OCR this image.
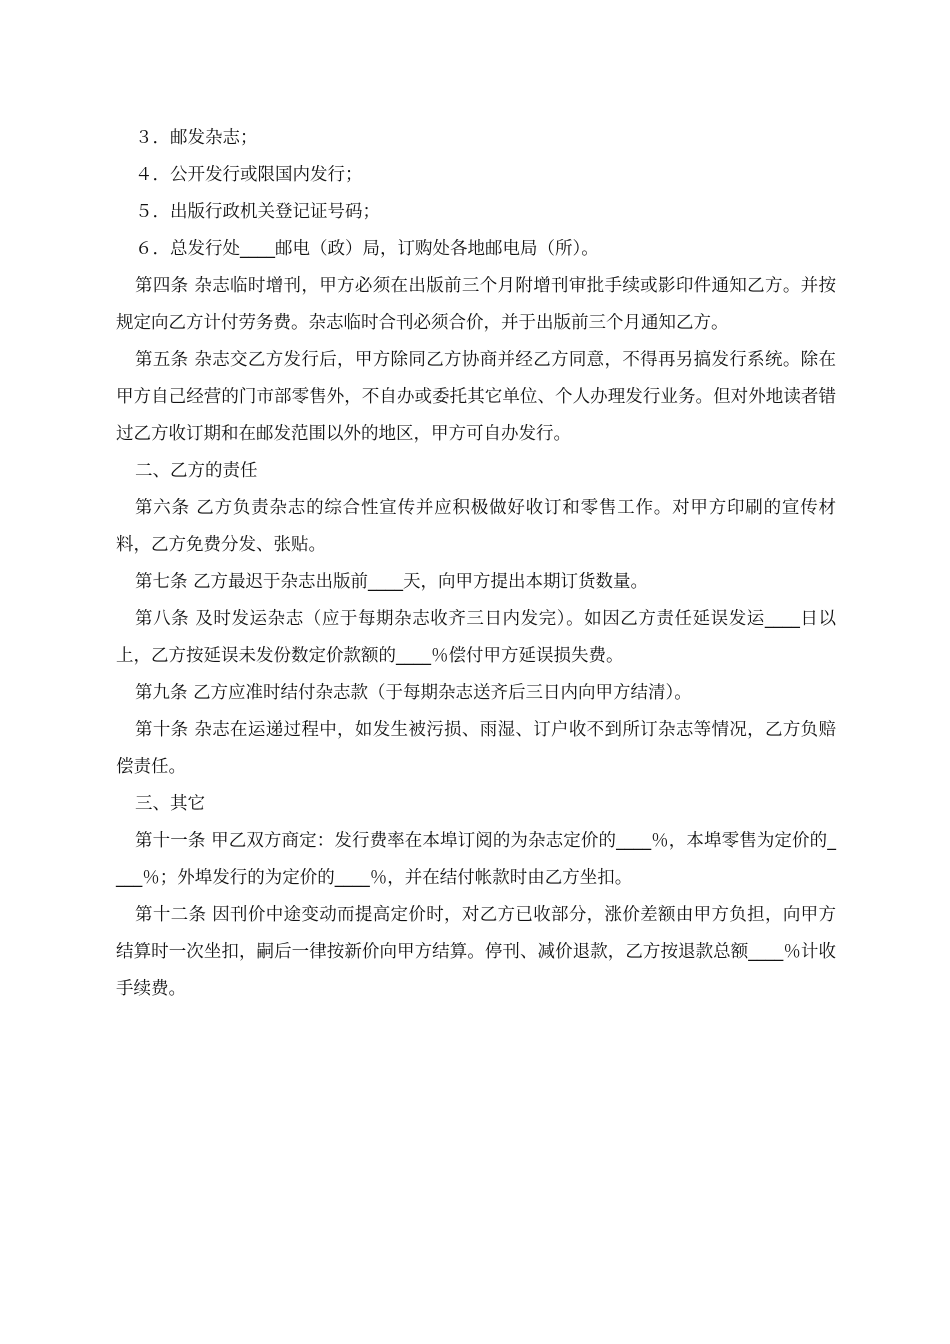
３．邮发杂志；

４．公开发行或限国内发行；

５．出版行政机关登记证号码；

６．总发行处____邮电（政）局，订购处各地邮电局（所）。

第四条 杂志临时增刊，甲方必须在出版前三个月附增刊审批手续或影印件通知乙方。并按规定向乙方计付劳务费。杂志临时合刊必须合价，并于出版前三个月通知乙方。

第五条 杂志交乙方发行后，甲方除同乙方协商并经乙方同意，不得再另搞发行系统。除在甲方自己经营的门市部零售外，不自办或委托其它单位、个人办理发行业务。但对外地读者错过乙方收订期和在邮发范围以外的地区，甲方可自办发行。

二、乙方的责任

第六条 乙方负责杂志的综合性宣传并应积极做好收订和零售工作。对甲方印刷的宣传材料，乙方免费分发、张贴。

第七条 乙方最迟于杂志出版前____天，向甲方提出本期订货数量。

第八条 及时发运杂志（应于每期杂志收齐三日内发完）。如因乙方责任延误发运____日以上，乙方按延误未发份数定价款额的____％偿付甲方延误损失费。

第九条 乙方应准时结付杂志款（于每期杂志送齐后三日内向甲方结清）。

第十条 杂志在运递过程中，如发生被污损、雨湿、订户收不到所订杂志等情况，乙方负赔偿责任。

三、其它

第十一条 甲乙双方商定：发行费率在本埠订阅的为杂志定价的____％，本埠零售为定价的____％；外埠发行的为定价的____％，并在结付帐款时由乙方坐扣。

第十二条 因刊价中途变动而提高定价时，对乙方已收部分，涨价差额由甲方负担，向甲方结算时一次坐扣，嗣后一律按新价向甲方结算。停刊、减价退款，乙方按退款总额____％计收手续费。
